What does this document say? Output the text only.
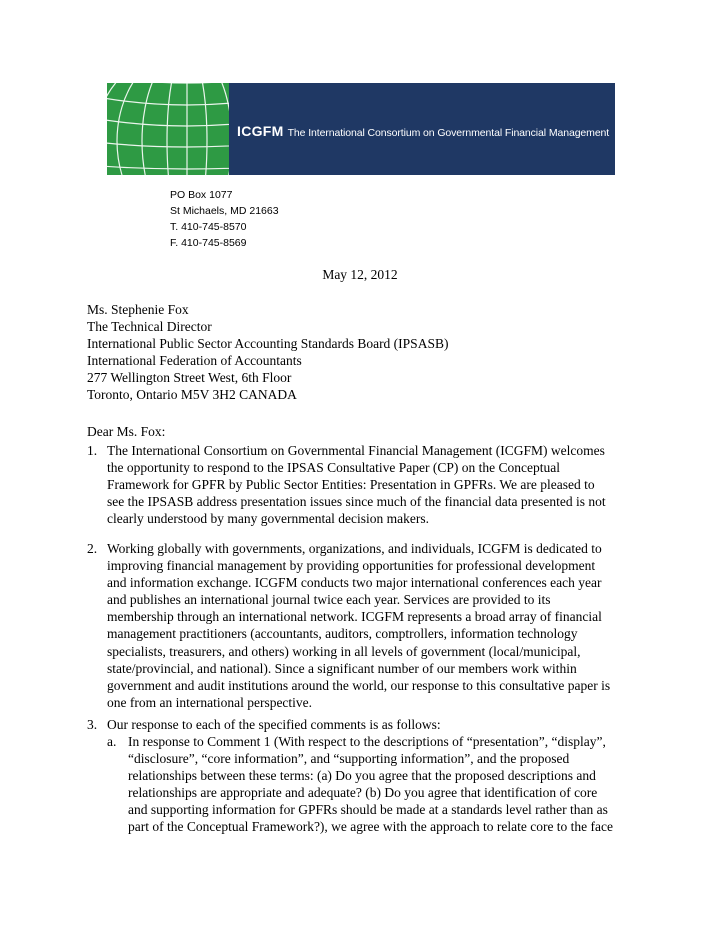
ICGFM The International Consortium on Governmental Financial Management
PO Box 1077
St Michaels, MD 21663
T. 410-745-8570
F. 410-745-8569
May 12, 2012
Ms. Stephenie Fox
The Technical Director
International Public Sector Accounting Standards Board (IPSASB)
International Federation of Accountants
277 Wellington Street West, 6th Floor
Toronto, Ontario M5V 3H2 CANADA
Dear Ms. Fox:
1. The International Consortium on Governmental Financial Management (ICGFM) welcomes
the opportunity to respond to the IPSAS Consultative Paper (CP) on the Conceptual
Framework for GPFR by Public Sector Entities: Presentation in GPFRs. We are pleased to
see the IPSASB address presentation issues since much of the financial data presented is not
clearly understood by many governmental decision makers.
2. Working globally with governments, organizations, and individuals, ICGFM is dedicated to
improving financial management by providing opportunities for professional development
and information exchange. ICGFM conducts two major international conferences each year
and publishes an international journal twice each year. Services are provided to its
membership through an international network. ICGFM represents a broad array of financial
management practitioners (accountants, auditors, comptrollers, information technology
specialists, treasurers, and others) working in all levels of government (local/municipal,
state/provincial, and national). Since a significant number of our members work within
government and audit institutions around the world, our response to this consultative paper is
one from an international perspective.
3. Our response to each of the specified comments is as follows:
a. In response to Comment 1 (With respect to the descriptions of “presentation”, “display”,
“disclosure”, “core information”, and “supporting information”, and the proposed
relationships between these terms: (a) Do you agree that the proposed descriptions and
relationships are appropriate and adequate? (b) Do you agree that identification of core
and supporting information for GPFRs should be made at a standards level rather than as
part of the Conceptual Framework?), we agree with the approach to relate core to the face
